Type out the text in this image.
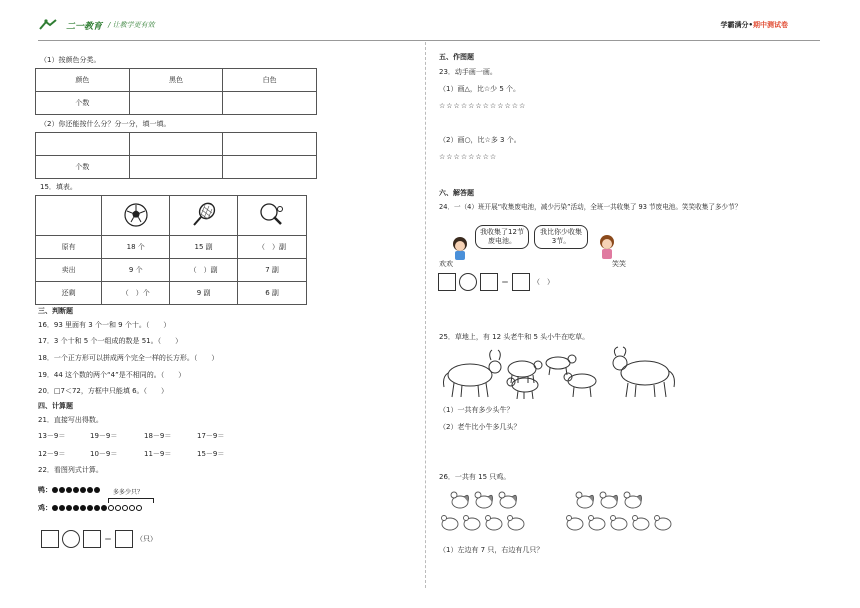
二一教育 / 让教学更有效	学霸满分•期中测试卷
（1）按颜色分类。
颜色	黑色	白色
个数		
（2）你还能按什么分？分一分，填一填。

个数		
15．填表。

原有	18 个	15 副	（　）副
卖出	9 个	（　）副	7 副
还剩	（　）个	9 副	6 副
三、判断题
16．93 里面有 3 个一和 9 个十。（　　）
17．3 个十和 5 个一组成的数是 51。（　　）
18．一个正方形可以拼成两个完全一样的长方形。（　　）
19．44 这个数的两个“4”是不相同的。（　　）
20．□7＜72，方框中只能填 6。（　　）
四、计算题
21．直接写出得数。
13－9＝	19－9＝	18－9＝	17－9＝
12－9＝	10－9＝	11－9＝	15－9＝
22．看图列式计算。
鸭：	多多少只？
鸡：
＝	（只）
五、作图题
23．动手画一画。
（1）画△，比☆少 5 个。
☆☆☆☆☆☆☆☆☆☆☆☆
（2）画○，比☆多 3 个。
☆☆☆☆☆☆☆☆
六、解答题
24．一（4）班开展“收集废电池，减少污染”活动，全班一共收集了 93 节废电池。笑笑收集了多少节？
我收集了12节废电池。
我比你少收集3节。
欢欢	笑笑
＝	（　）
25．草地上，有 12 头老牛和 5 头小牛在吃草。
（1）一共有多少头牛？
（2）老牛比小牛多几头？
26．一共有 15 只鸡。
（1）左边有 7 只，右边有几只？
